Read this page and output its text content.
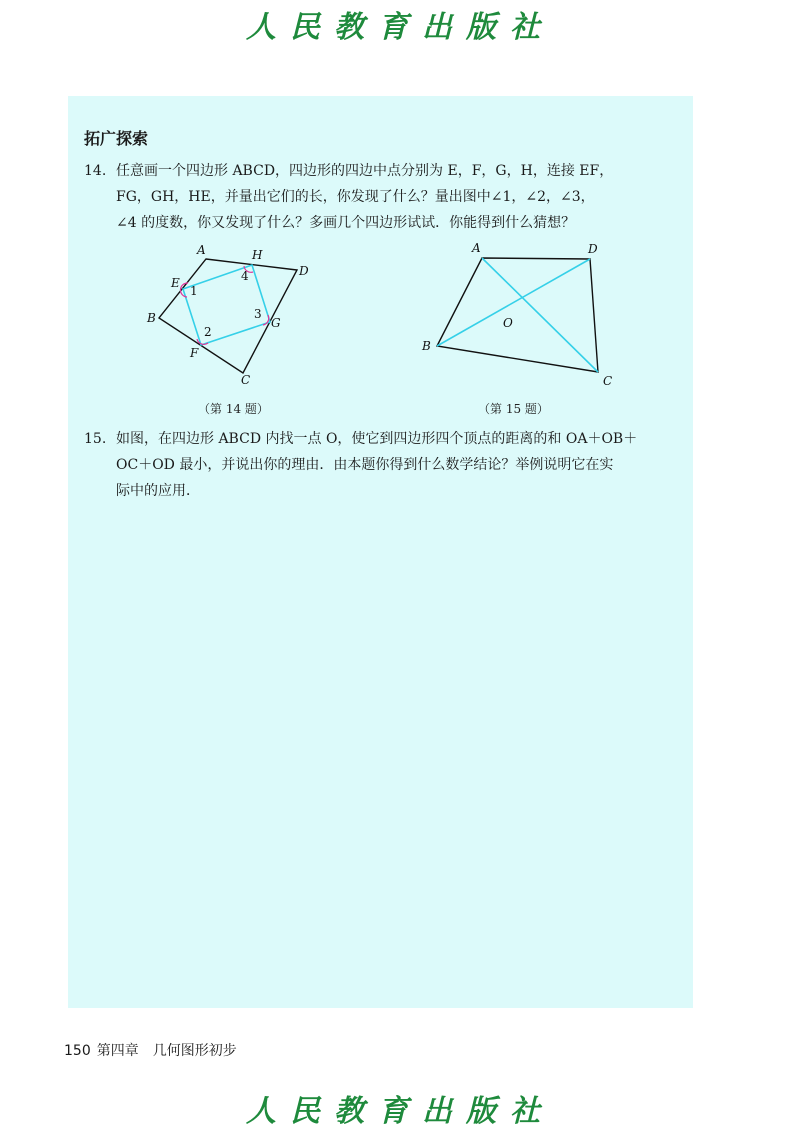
人民教育出版社
拓广探索
14. 任意画一个四边形 ABCD，四边形的四边中点分别为 E，F，G，H，连接 EF，
FG，GH，HE，并量出它们的长，你发现了什么？量出图中∠1，∠2，∠3，
∠4 的度数，你又发现了什么？多画几个四边形试试．你能得到什么猜想？
A
B
C
D
E
F
G
H
1
2
3
4
A
B
C
D
O
（第 14 题）	（第 15 题）
15. 如图，在四边形 ABCD 内找一点 O，使它到四边形四个顶点的距离的和 OA＋OB＋
OC＋OD 最小，并说出你的理由．由本题你得到什么数学结论？举例说明它在实
际中的应用．
150 第四章　几何图形初步
人民教育出版社
